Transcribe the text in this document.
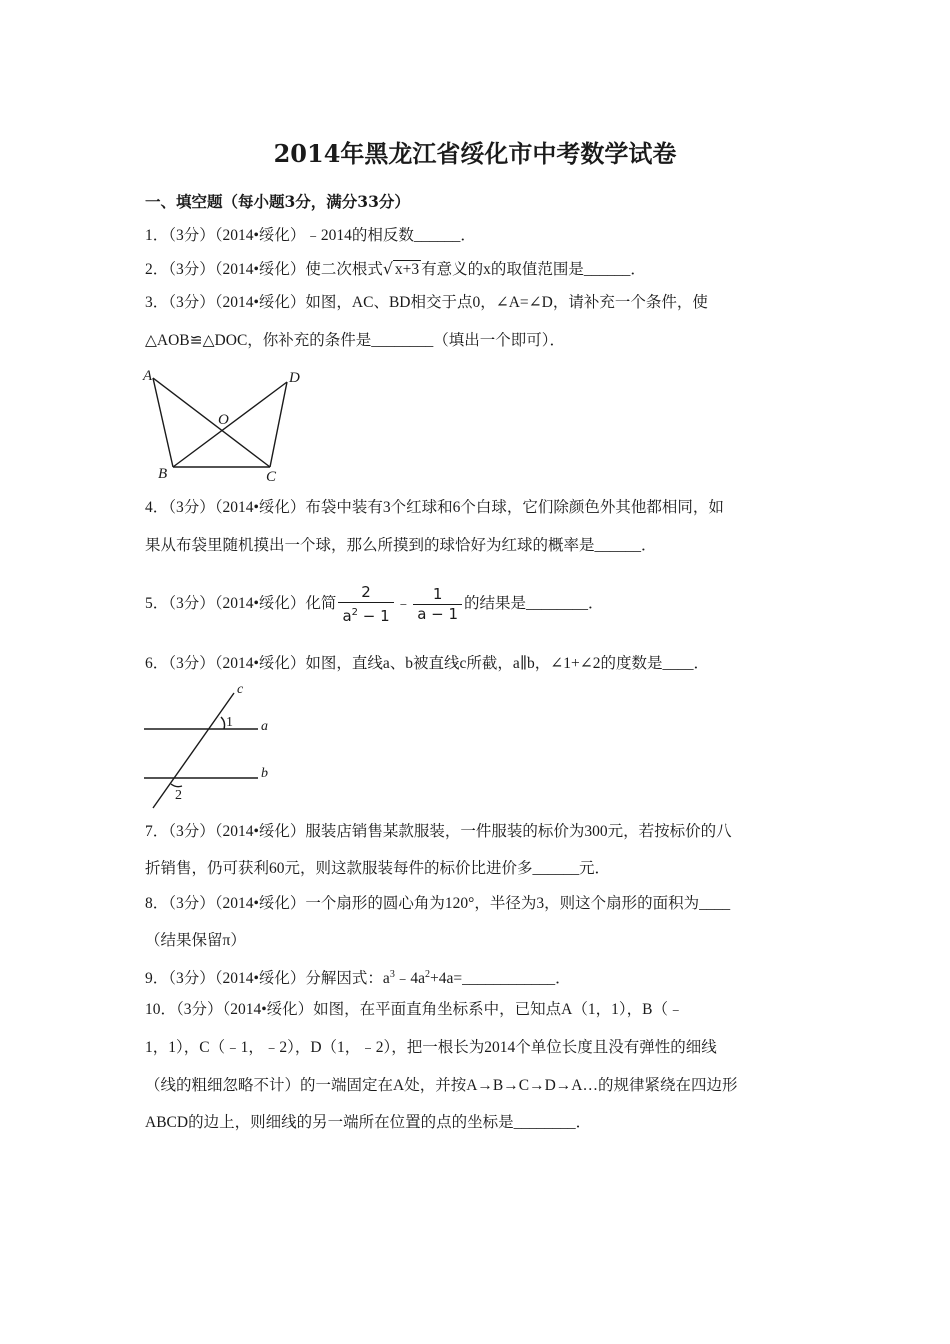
2014年黑龙江省绥化市中考数学试卷
一、填空题（每小题3分，满分33分）
1．（3分）（2014•绥化）﹣2014的相反数______．
2．（3分）（2014•绥化）使二次根式√ x+3 有意义的x的取值范围是______．
3．（3分）（2014•绥化）如图，AC、BD相交于点0，∠A=∠D，请补充一个条件，使
△AOB≌△DOC，你补充的条件是________（填出一个即可）．
A	D
O
B	C
4．（3分）（2014•绥化）布袋中装有3个红球和6个白球，它们除颜色外其他都相同，如
果从布袋里随机摸出一个球，那么所摸到的球恰好为红球的概率是______．
5．（3分）（2014•绥化）化简 $\frac{2}{a^2 - 1}$ ﹣ $\frac{1}{a - 1}$ 的结果是________．
6．（3分）（2014•绥化）如图，直线a、b被直线c所截，a∥b，∠1+∠2的度数是____．
c
a
b
1
2
7．（3分）（2014•绥化）服装店销售某款服装，一件服装的标价为300元，若按标价的八
折销售，仍可获利60元，则这款服装每件的标价比进价多______元．
8．（3分）（2014•绥化）一个扇形的圆心角为120°，半径为3，则这个扇形的面积为____
（结果保留π）
9．（3分）（2014•绥化）分解因式：$a^3﹣4a^2+4a=\_\_\_\_\_\_\_\_\_\_\_\_$．
10．（3分）（2014•绥化）如图，在平面直角坐标系中，已知点A（1，1），B（﹣
1，1），C（﹣1，﹣2），D（1，﹣2），把一根长为2014个单位长度且没有弹性的细线
（线的粗细忽略不计）的一端固定在A处，并按A→B→C→D→A…的规律紧绕在四边形
ABCD的边上，则细线的另一端所在位置的点的坐标是________．
